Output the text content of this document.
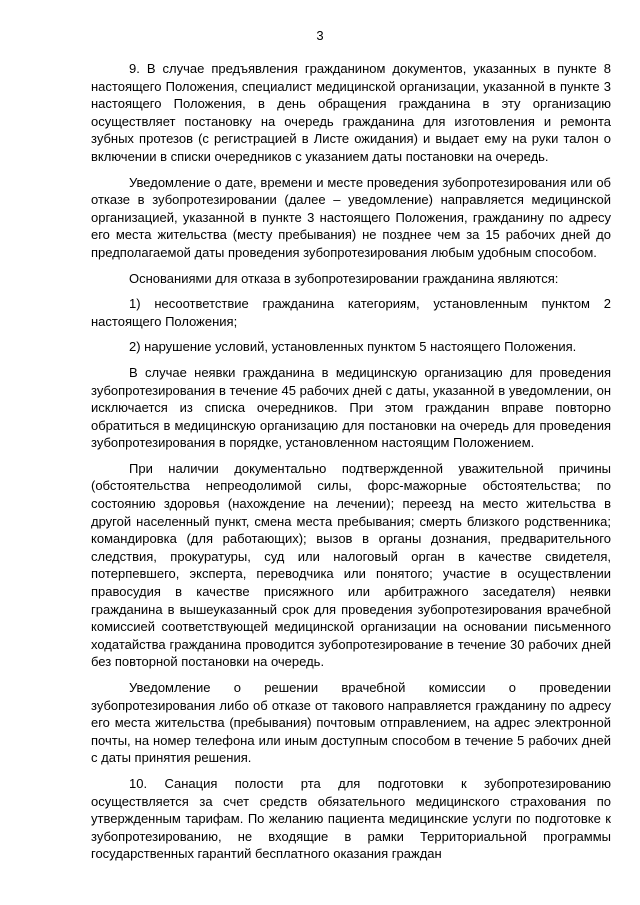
3

9. В случае предъявления гражданином документов, указанных в пункте 8 настоящего Положения, специалист медицинской организации, указанной в пункте 3 настоящего Положения, в день обращения гражданина в эту организацию осуществляет постановку на очередь гражданина для изготовления и ремонта зубных протезов (с регистрацией в Листе ожидания) и выдает ему на руки талон о включении в списки очередников с указанием даты постановки на очередь.

Уведомление о дате, времени и месте проведения зубопротезирования или об отказе в зубопротезировании (далее – уведомление) направляется медицинской организацией, указанной в пункте 3 настоящего Положения, гражданину по адресу его места жительства (месту пребывания) не позднее чем за 15 рабочих дней до предполагаемой даты проведения зубопротезирования любым удобным способом.

Основаниями для отказа в зубопротезировании гражданина являются:

1) несоответствие гражданина категориям, установленным пунктом 2 настоящего Положения;

2) нарушение условий, установленных пунктом 5 настоящего Положения.

В случае неявки гражданина в медицинскую организацию для проведения зубопротезирования в течение 45 рабочих дней с даты, указанной в уведомлении, он исключается из списка очередников. При этом гражданин вправе повторно обратиться в медицинскую организацию для постановки на очередь для проведения зубопротезирования в порядке, установленном настоящим Положением.

При наличии документально подтвержденной уважительной причины (обстоятельства непреодолимой силы, форс-мажорные обстоятельства; по состоянию здоровья (нахождение на лечении); переезд на место жительства в другой населенный пункт, смена места пребывания; смерть близкого родственника; командировка (для работающих); вызов в органы дознания, предварительного следствия, прокуратуры, суд или налоговый орган в качестве свидетеля, потерпевшего, эксперта, переводчика или понятого; участие в осуществлении правосудия в качестве присяжного или арбитражного заседателя) неявки гражданина в вышеуказанный срок для проведения зубопротезирования врачебной комиссией соответствующей медицинской организации на основании письменного ходатайства гражданина проводится зубопротезирование в течение 30 рабочих дней без повторной постановки на очередь.

Уведомление о решении врачебной комиссии о проведении зубопротезирования либо об отказе от такового направляется гражданину по адресу его места жительства (пребывания) почтовым отправлением, на адрес электронной почты, на номер телефона или иным доступным способом в течение 5 рабочих дней с даты принятия решения.

10. Санация полости рта для подготовки к зубопротезированию осуществляется за счет средств обязательного медицинского страхования по утвержденным тарифам. По желанию пациента медицинские услуги по подготовке к зубопротезированию, не входящие в рамки Территориальной программы государственных гарантий бесплатного оказания граждан
